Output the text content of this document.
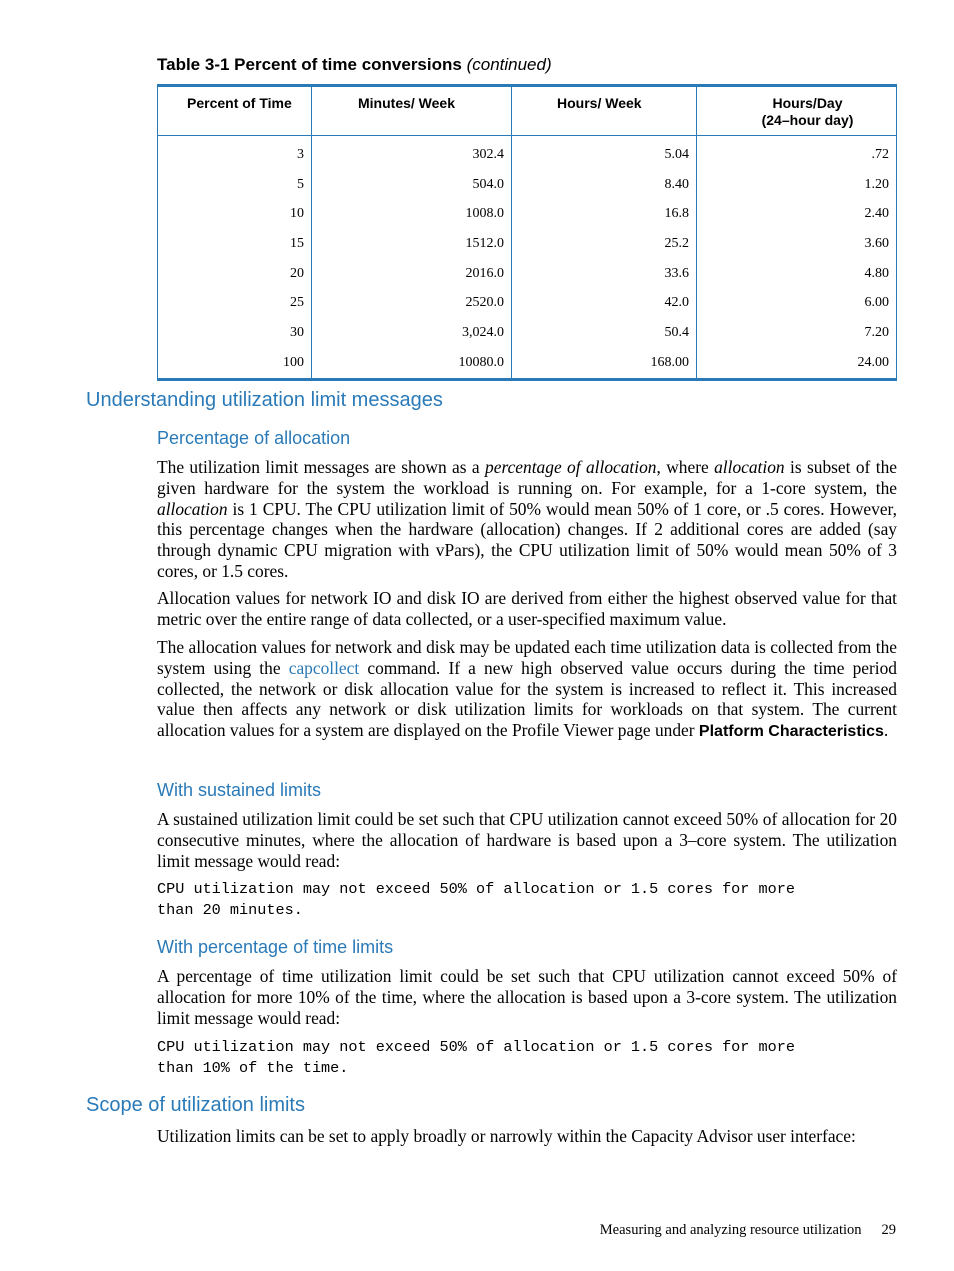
Table 3-1 Percent of time conversions (continued)
Percent of Time	Minutes/ Week	Hours/ Week	Hours/Day
(24–hour day)
3	302.4	5.04	.72
5	504.0	8.40	1.20
10	1008.0	16.8	2.40
15	1512.0	25.2	3.60
20	2016.0	33.6	4.80
25	2520.0	42.0	6.00
30	3,024.0	50.4	7.20
100	10080.0	168.00	24.00
Understanding utilization limit messages
Percentage of allocation

The utilization limit messages are shown as a percentage of allocation, where allocation is subset of the given hardware for the system the workload is running on. For example, for a 1-core system, the allocation is 1 CPU. The CPU utilization limit of 50% would mean 50% of 1 core, or .5 cores. However, this percentage changes when the hardware (allocation) changes. If 2 additional cores are added (say through dynamic CPU migration with vPars), the CPU utilization limit of 50% would mean 50% of 3 cores, or 1.5 cores.

Allocation values for network IO and disk IO are derived from either the highest observed value for that metric over the entire range of data collected, or a user-specified maximum value.

The allocation values for network and disk may be updated each time utilization data is collected from the system using the capcollect command. If a new high observed value occurs during the time period collected, the network or disk allocation value for the system is increased to reflect it. This increased value then affects any network or disk utilization limits for workloads on that system. The current allocation values for a system are displayed on the Profile Viewer page under Platform Characteristics.

With sustained limits

A sustained utilization limit could be set such that CPU utilization cannot exceed 50% of allocation for 20 consecutive minutes, where the allocation of hardware is based upon a 3–core system. The utilization limit message would read:

CPU utilization may not exceed 50% of allocation or 1.5 cores for more
than 20 minutes.
With percentage of time limits

A percentage of time utilization limit could be set such that CPU utilization cannot exceed 50% of allocation for more 10% of the time, where the allocation is based upon a 3-core system. The utilization limit message would read:

CPU utilization may not exceed 50% of allocation or 1.5 cores for more
than 10% of the time.
Scope of utilization limits

Utilization limits can be set to apply broadly or narrowly within the Capacity Advisor user interface:

Measuring and analyzing resource utilization 29
